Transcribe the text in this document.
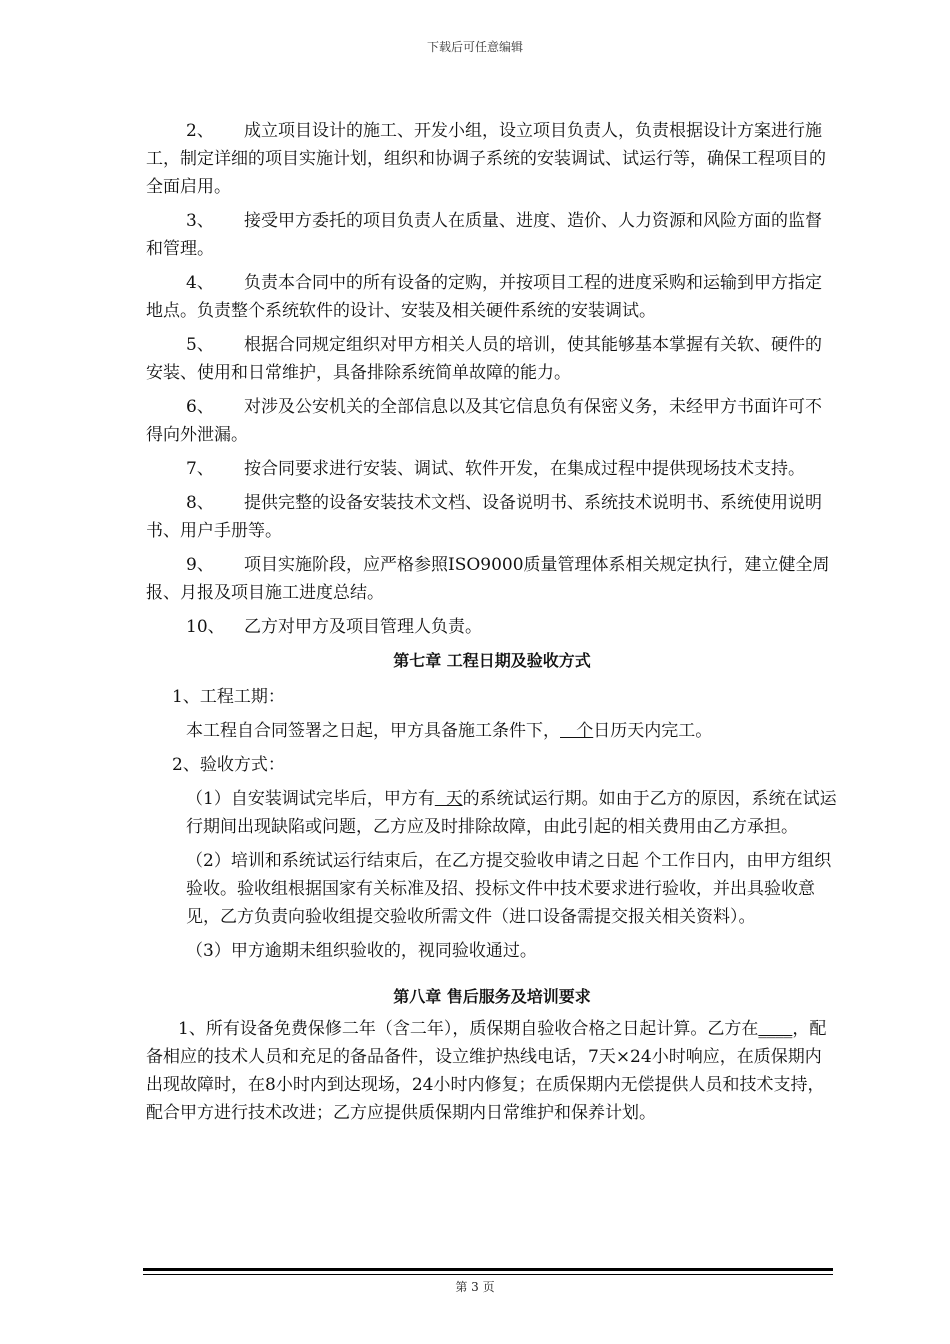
下载后可任意编辑
2、 成立项目设计的施工、开发小组，设立项目负责人，负责根据设计方案进行施工，制定详细的项目实施计划，组织和协调子系统的安装调试、试运行等，确保工程项目的全面启用。
3、 接受甲方委托的项目负责人在质量、进度、造价、人力资源和风险方面的监督和管理。
4、 负责本合同中的所有设备的定购，并按项目工程的进度采购和运输到甲方指定地点。负责整个系统软件的设计、安装及相关硬件系统的安装调试。
5、 根据合同规定组织对甲方相关人员的培训，使其能够基本掌握有关软、硬件的安装、使用和日常维护，具备排除系统简单故障的能力。
6、 对涉及公安机关的全部信息以及其它信息负有保密义务，未经甲方书面许可不得向外泄漏。
7、 按合同要求进行安装、调试、软件开发，在集成过程中提供现场技术支持。
8、 提供完整的设备安装技术文档、设备说明书、系统技术说明书、系统使用说明书、用户手册等。
9、 项目实施阶段，应严格参照ISO9000质量管理体系相关规定执行，建立健全周报、月报及项目施工进度总结。
10、 乙方对甲方及项目管理人负责。
第七章 工程日期及验收方式
1、工程工期：
本工程自合同签署之日起，甲方具备施工条件下，   个日历天内完工。
2、验收方式：
（1）自安装调试完毕后，甲方有  天的系统试运行期。如由于乙方的原因，系统在试运行期间出现缺陷或问题，乙方应及时排除故障，由此引起的相关费用由乙方承担。
（2）培训和系统试运行结束后，在乙方提交验收申请之日起 个工作日内，由甲方组织验收。验收组根据国家有关标准及招、投标文件中技术要求进行验收，并出具验收意见，乙方负责向验收组提交验收所需文件（进口设备需提交报关相关资料）。
（3）甲方逾期未组织验收的，视同验收通过。
第八章 售后服务及培训要求
1、所有设备免费保修二年（含二年），质保期自验收合格之日起计算。乙方在____，配备相应的技术人员和充足的备品备件，设立维护热线电话，7天×24小时响应，在质保期内出现故障时，在8小时内到达现场，24小时内修复；在质保期内无偿提供人员和技术支持，配合甲方进行技术改进；乙方应提供质保期内日常维护和保养计划。
第 3 页
